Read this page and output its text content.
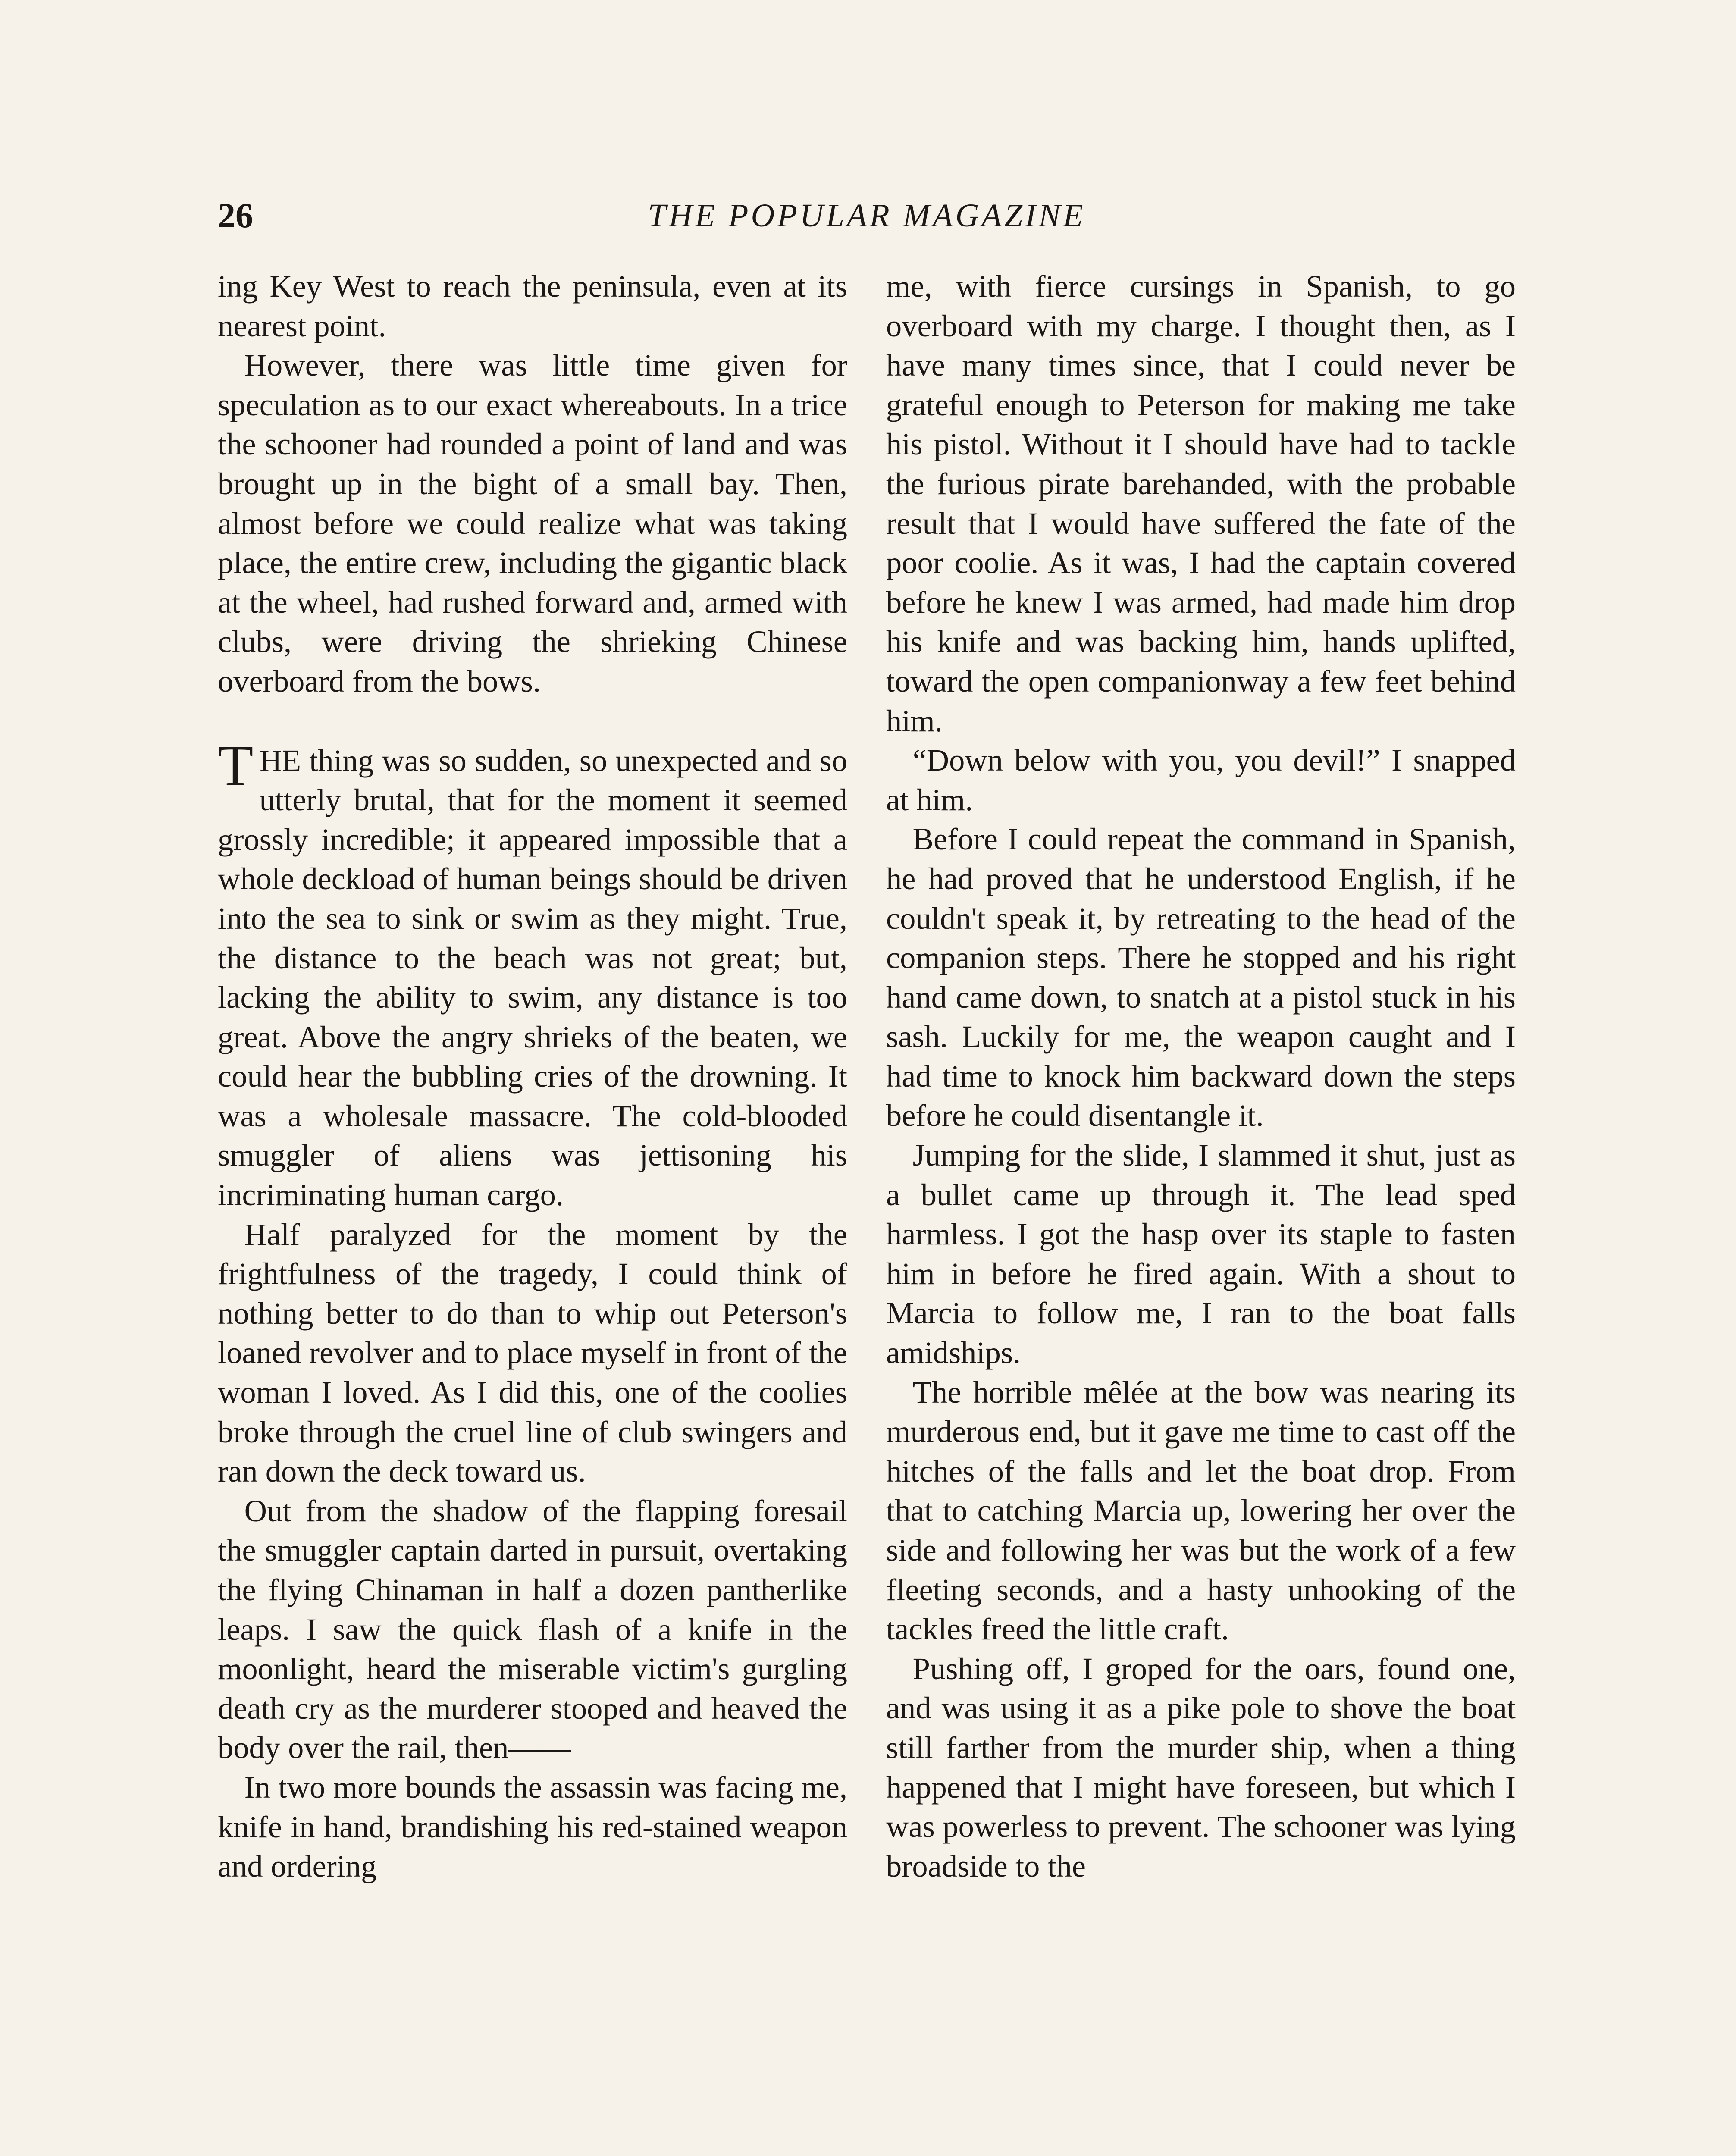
26	THE POPULAR MAGAZINE

ing Key West to reach the peninsula, even at its nearest point.

However, there was little time given for speculation as to our exact whereabouts. In a trice the schooner had rounded a point of land and was brought up in the bight of a small bay. Then, almost before we could realize what was taking place, the entire crew, including the gigantic black at the wheel, had rushed forward and, armed with clubs, were driving the shrieking Chinese overboard from the bows.

THE thing was so sudden, so unexpected and so utterly brutal, that for the moment it seemed grossly incredible; it appeared impossible that a whole deckload of human beings should be driven into the sea to sink or swim as they might. True, the distance to the beach was not great; but, lacking the ability to swim, any distance is too great. Above the angry shrieks of the beaten, we could hear the bubbling cries of the drowning. It was a wholesale massacre. The cold-blooded smuggler of aliens was jettisoning his incriminating human cargo.

Half paralyzed for the moment by the frightfulness of the tragedy, I could think of nothing better to do than to whip out Peterson's loaned revolver and to place myself in front of the woman I loved. As I did this, one of the coolies broke through the cruel line of club swingers and ran down the deck toward us.

Out from the shadow of the flapping foresail the smuggler captain darted in pursuit, overtaking the flying Chinaman in half a dozen pantherlike leaps. I saw the quick flash of a knife in the moonlight, heard the miserable victim's gurgling death cry as the murderer stooped and heaved the body over the rail, then——

In two more bounds the assassin was facing me, knife in hand, brandishing his red-stained weapon and ordering

me, with fierce cursings in Spanish, to go overboard with my charge. I thought then, as I have many times since, that I could never be grateful enough to Peterson for making me take his pistol. Without it I should have had to tackle the furious pirate barehanded, with the probable result that I would have suffered the fate of the poor coolie. As it was, I had the captain covered before he knew I was armed, had made him drop his knife and was backing him, hands uplifted, toward the open companionway a few feet behind him.

“Down below with you, you devil!” I snapped at him.

Before I could repeat the command in Spanish, he had proved that he understood English, if he couldn't speak it, by retreating to the head of the companion steps. There he stopped and his right hand came down, to snatch at a pistol stuck in his sash. Luckily for me, the weapon caught and I had time to knock him backward down the steps before he could disentangle it.

Jumping for the slide, I slammed it shut, just as a bullet came up through it. The lead sped harmless. I got the hasp over its staple to fasten him in before he fired again. With a shout to Marcia to follow me, I ran to the boat falls amidships.

The horrible mêlée at the bow was nearing its murderous end, but it gave me time to cast off the hitches of the falls and let the boat drop. From that to catching Marcia up, lowering her over the side and following her was but the work of a few fleeting seconds, and a hasty unhooking of the tackles freed the little craft.

Pushing off, I groped for the oars, found one, and was using it as a pike pole to shove the boat still farther from the murder ship, when a thing happened that I might have foreseen, but which I was powerless to prevent. The schooner was lying broadside to the
